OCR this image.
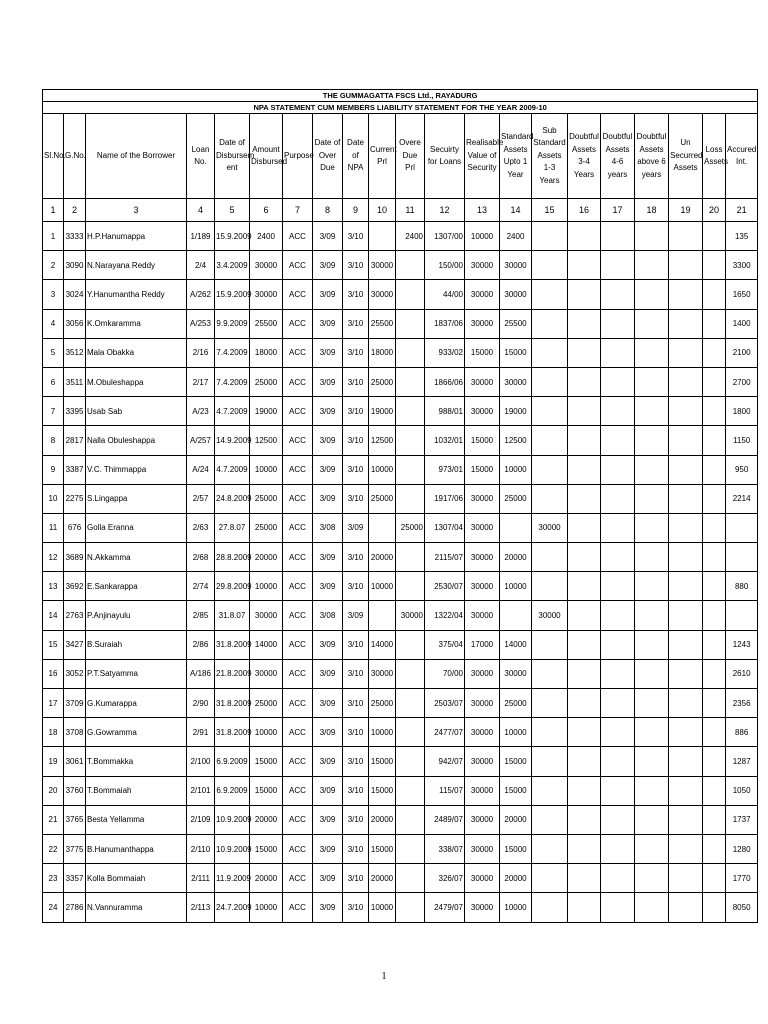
THE GUMMAGATTA FSCS Ltd., RAYADURG																				
NPA STATEMENT CUM MEMBERS LIABILITY STATEMENT FOR THE YEAR 2009-10																				
Sl.No.	G.No.	Name of the Borrower	Loan No.	Date of Disbursem ent	Amount Disbursed	Purpose	Date of Over Due	Date of NPA	Current Prl	Overe Due Prl	Secuirty for Loans	Realisable Value of Security	Standard Assets Upto 1 Year	Sub Standard Assets 1-3 Years	Doubtful Assets 3-4 Years	Doubtful Assets 4-6 years	Doubtful Assets above 6 years	Un Securred Assets	Loss Assets	Accured Int.
1	2	3	4	5	6	7	8	9	10	11	12	13	14	15	16	17	18	19	20	21
1	3333	H.P.Hanumappa	1/189	15.9.2009	2400	ACC	3/09	3/10		2400	1307/00	10000	2400							135
2	3090	N.Narayana Reddy	2/4	3.4.2009	30000	ACC	3/09	3/10	30000		150/00	30000	30000							3300
3	3024	Y.Hanumantha Reddy	A/262	15.9.2009	30000	ACC	3/09	3/10	30000		44/00	30000	30000							1650
4	3056	K.Omkaramma	A/253	9.9.2009	25500	ACC	3/09	3/10	25500		1837/06	30000	25500							1400
5	3512	Mala Obakka	2/16	7.4.2009	18000	ACC	3/09	3/10	18000		933/02	15000	15000							2100
6	3511	M.Obuleshappa	2/17	7.4.2009	25000	ACC	3/09	3/10	25000		1866/06	30000	30000							2700
7	3395	Usab Sab	A/23	4.7.2009	19000	ACC	3/09	3/10	19000		988/01	30000	19000							1800
8	2817	Nalla Obuleshappa	A/257	14.9.2009	12500	ACC	3/09	3/10	12500		1032/01	15000	12500							1150
9	3387	V.C. Thimmappa	A/24	4.7.2009	10000	ACC	3/09	3/10	10000		973/01	15000	10000							950
10	2275	S.Lingappa	2/57	24.8.2009	25000	ACC	3/09	3/10	25000		1917/06	30000	25000							2214
11	676	Golla Eranna	2/63	27.8.07	25000	ACC	3/08	3/09		25000	1307/04	30000		30000						
12	3689	N.Akkamma	2/68	28.8.2009	20000	ACC	3/09	3/10	20000		2115/07	30000	20000							
13	3692	E.Sankarappa	2/74	29.8.2009	10000	ACC	3/09	3/10	10000		2530/07	30000	10000							880
14	2763	P.Anjinayulu	2/85	31.8.07	30000	ACC	3/08	3/09		30000	1322/04	30000		30000						
15	3427	B.Suraiah	2/86	31.8.2009	14000	ACC	3/09	3/10	14000		375/04	17000	14000							1243
16	3052	P.T.Satyamma	A/186	21.8.2009	30000	ACC	3/09	3/10	30000		70/00	30000	30000							2610
17	3709	G.Kumarappa	2/90	31.8.2009	25000	ACC	3/09	3/10	25000		2503/07	30000	25000							2356
18	3708	G.Gowramma	2/91	31.8.2009	10000	ACC	3/09	3/10	10000		2477/07	30000	10000							886
19	3061	T.Bommakka	2/100	6.9.2009	15000	ACC	3/09	3/10	15000		942/07	30000	15000							1287
20	3760	T.Bommaiah	2/101	6.9.2009	15000	ACC	3/09	3/10	15000		115/07	30000	15000							1050
21	3765	Besta Yellamma	2/109	10.9.2009	20000	ACC	3/09	3/10	20000		2489/07	30000	20000							1737
22	3775	B.Hanumanthappa	2/110	10.9.2009	15000	ACC	3/09	3/10	15000		338/07	30000	15000							1280
23	3357	Kolla Bommaiah	2/111	11.9.2009	20000	ACC	3/09	3/10	20000		326/07	30000	20000							1770
24	2786	N.Vannuramma	2/113	24.7.2009	10000	ACC	3/09	3/10	10000		2479/07	30000	10000							8050
1
